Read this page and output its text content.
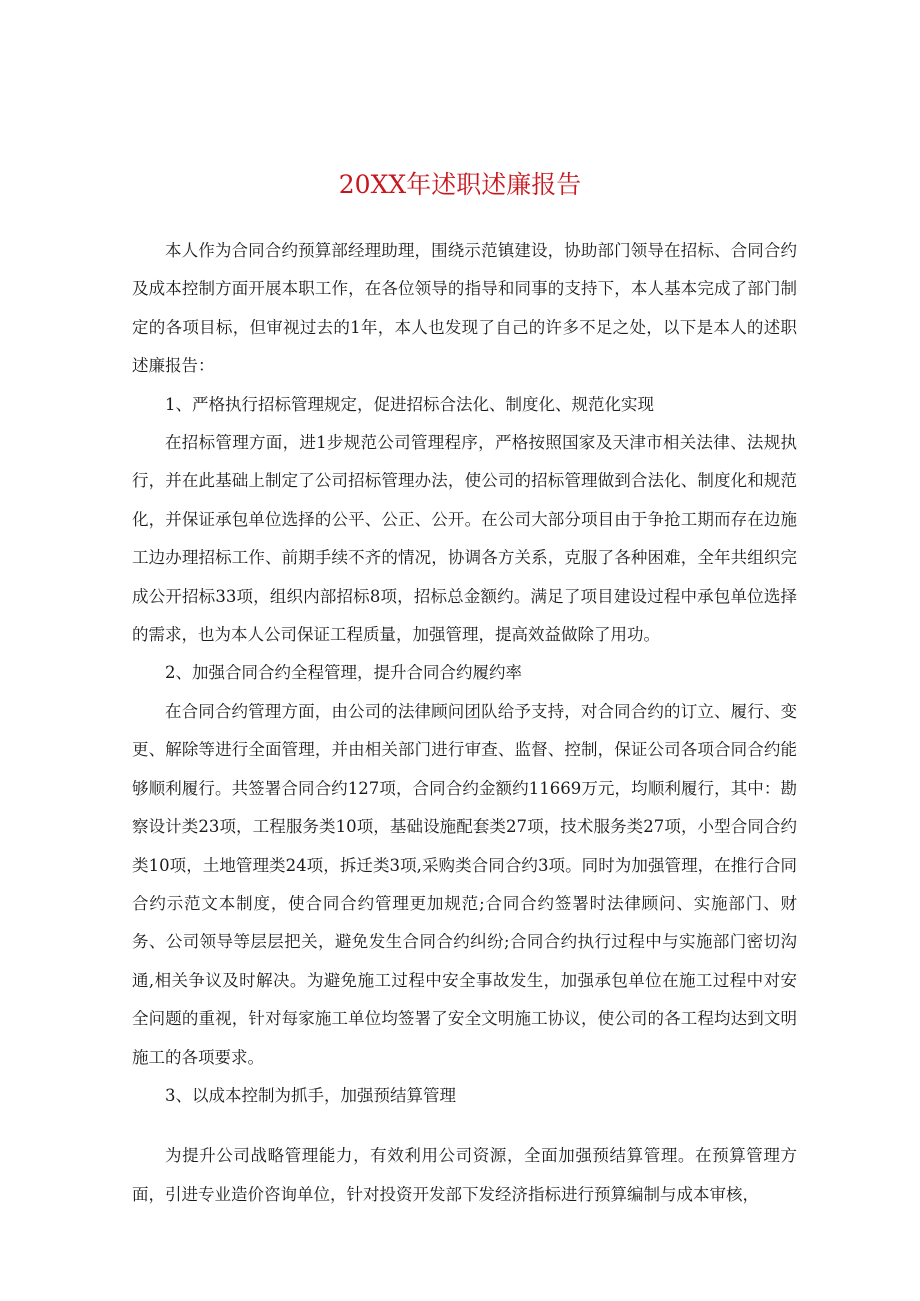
20XX年述职述廉报告

本人作为合同合约预算部经理助理，围绕示范镇建设，协助部门领导在招标、合同合约及成本控制方面开展本职工作，在各位领导的指导和同事的支持下，本人基本完成了部门制定的各项目标，但审视过去的1年，本人也发现了自己的许多不足之处，以下是本人的述职述廉报告：

1、严格执行招标管理规定，促进招标合法化、制度化、规范化实现

在招标管理方面，进1步规范公司管理程序，严格按照国家及天津市相关法律、法规执行，并在此基础上制定了公司招标管理办法，使公司的招标管理做到合法化、制度化和规范化，并保证承包单位选择的公平、公正、公开。在公司大部分项目由于争抢工期而存在边施工边办理招标工作、前期手续不齐的情况，协调各方关系，克服了各种困难，全年共组织完成公开招标33项，组织内部招标8项，招标总金额约。满足了项目建设过程中承包单位选择的需求，也为本人公司保证工程质量，加强管理，提高效益做除了用功。

2、加强合同合约全程管理，提升合同合约履约率

在合同合约管理方面，由公司的法律顾问团队给予支持，对合同合约的订立、履行、变更、解除等进行全面管理，并由相关部门进行审查、监督、控制，保证公司各项合同合约能够顺利履行。共签署合同合约127项，合同合约金额约11669万元，均顺利履行，其中：勘察设计类23项，工程服务类10项，基础设施配套类27项，技术服务类27项，小型合同合约类10项，土地管理类24项，拆迁类3项,采购类合同合约3项。同时为加强管理，在推行合同合约示范文本制度，使合同合约管理更加规范;合同合约签署时法律顾问、实施部门、财务、公司领导等层层把关，避免发生合同合约纠纷;合同合约执行过程中与实施部门密切沟通,相关争议及时解决。为避免施工过程中安全事故发生，加强承包单位在施工过程中对安全问题的重视，针对每家施工单位均签署了安全文明施工协议，使公司的各工程均达到文明施工的各项要求。

3、以成本控制为抓手，加强预结算管理

为提升公司战略管理能力，有效利用公司资源，全面加强预结算管理。在预算管理方面，引进专业造价咨询单位，针对投资开发部下发经济指标进行预算编制与成本审核，
